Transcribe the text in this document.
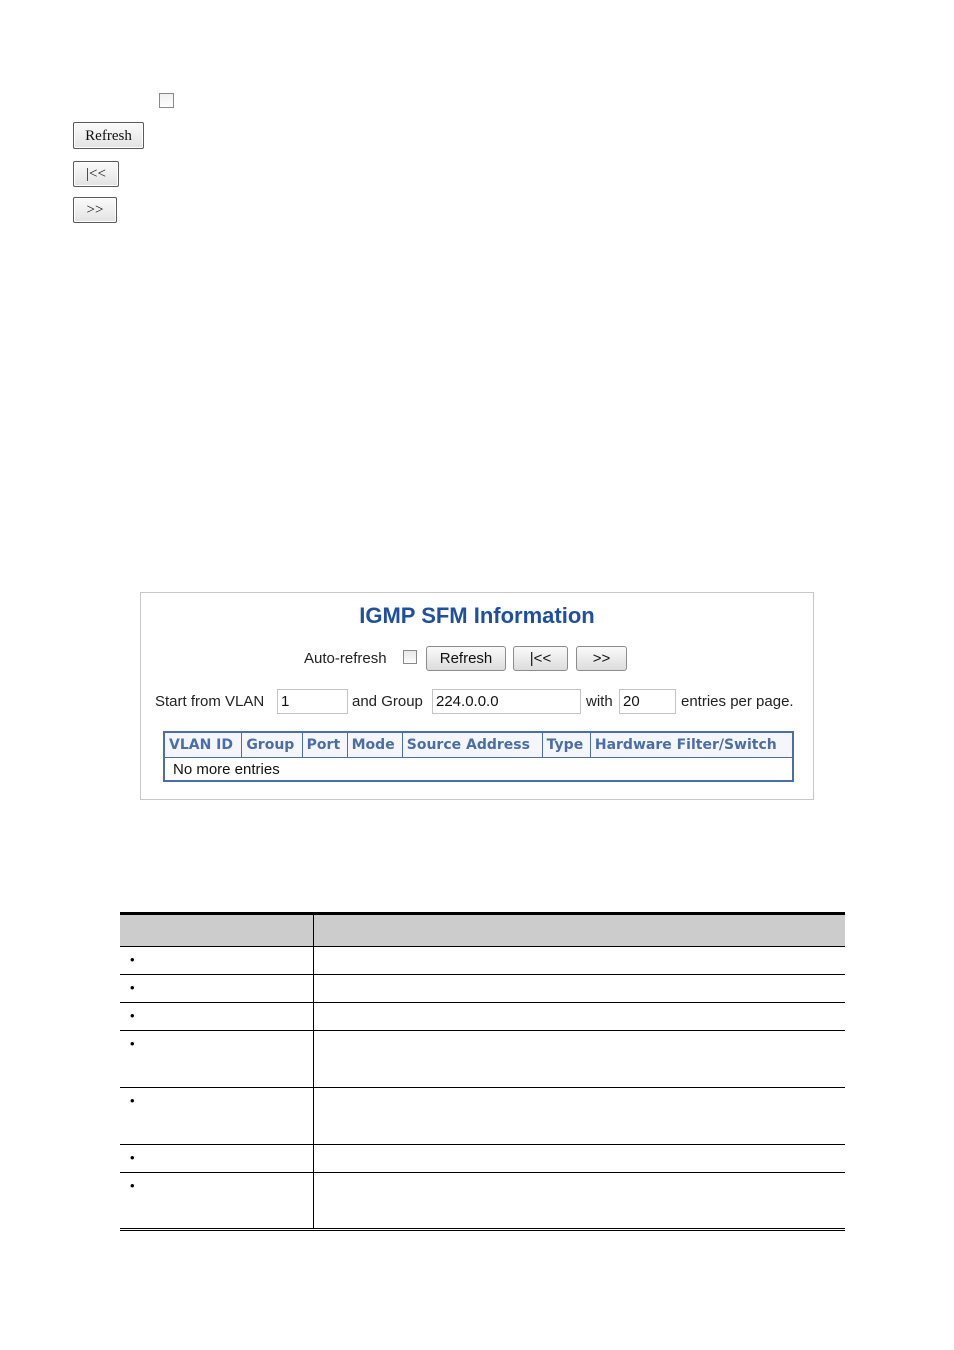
Refresh
|<<
>>
IGMP SFM Information
Auto-refresh	Refresh	|<<	>>
Start from VLAN 1	and Group 224.0.0.0	with 20	entries per page.
VLAN ID	Group	Port	Mode	Source Address	Type	Hardware Filter/Switch
No more entries

•	
•	
•	
•	
•	
•	
•	
